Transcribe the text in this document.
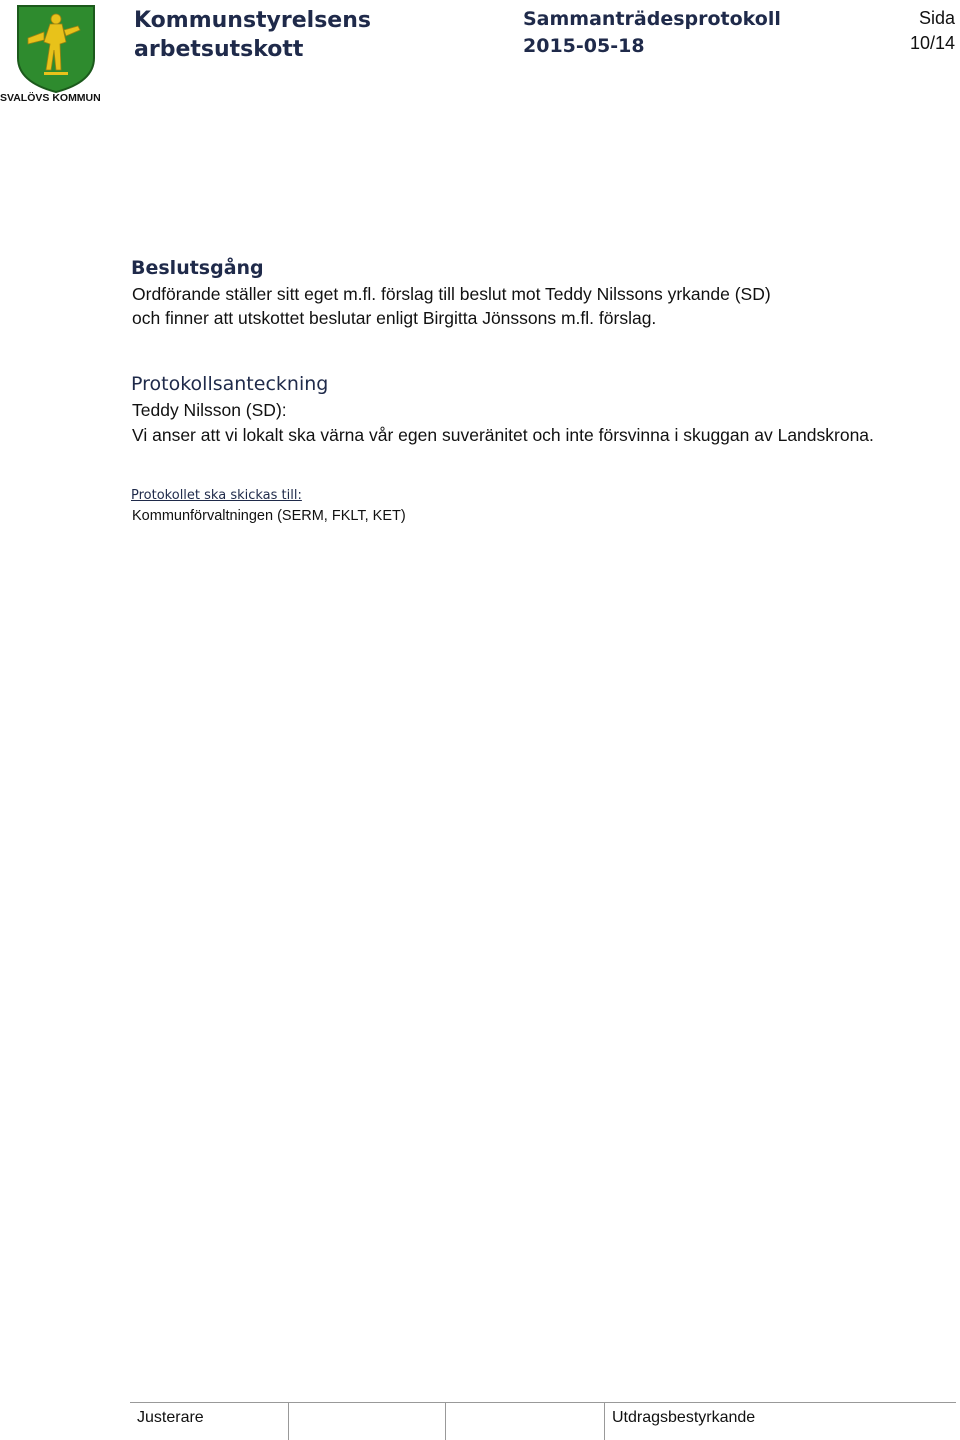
SVALÖVS KOMMUN
Kommunstyrelsens
arbetsutskott
Sammanträdesprotokoll
2015-05-18
Sida
10/14
Beslutsgång
Ordförande ställer sitt eget m.fl. förslag till beslut mot Teddy Nilssons yrkande (SD)
och finner att utskottet beslutar enligt Birgitta Jönssons m.fl. förslag.
Protokollsanteckning
Teddy Nilsson (SD):
Vi anser att vi lokalt ska värna vår egen suveränitet och inte försvinna i skuggan av Landskrona.
Protokollet ska skickas till:
Kommunförvaltningen (SERM, FKLT, KET)
Justerare	Utdragsbestyrkande
